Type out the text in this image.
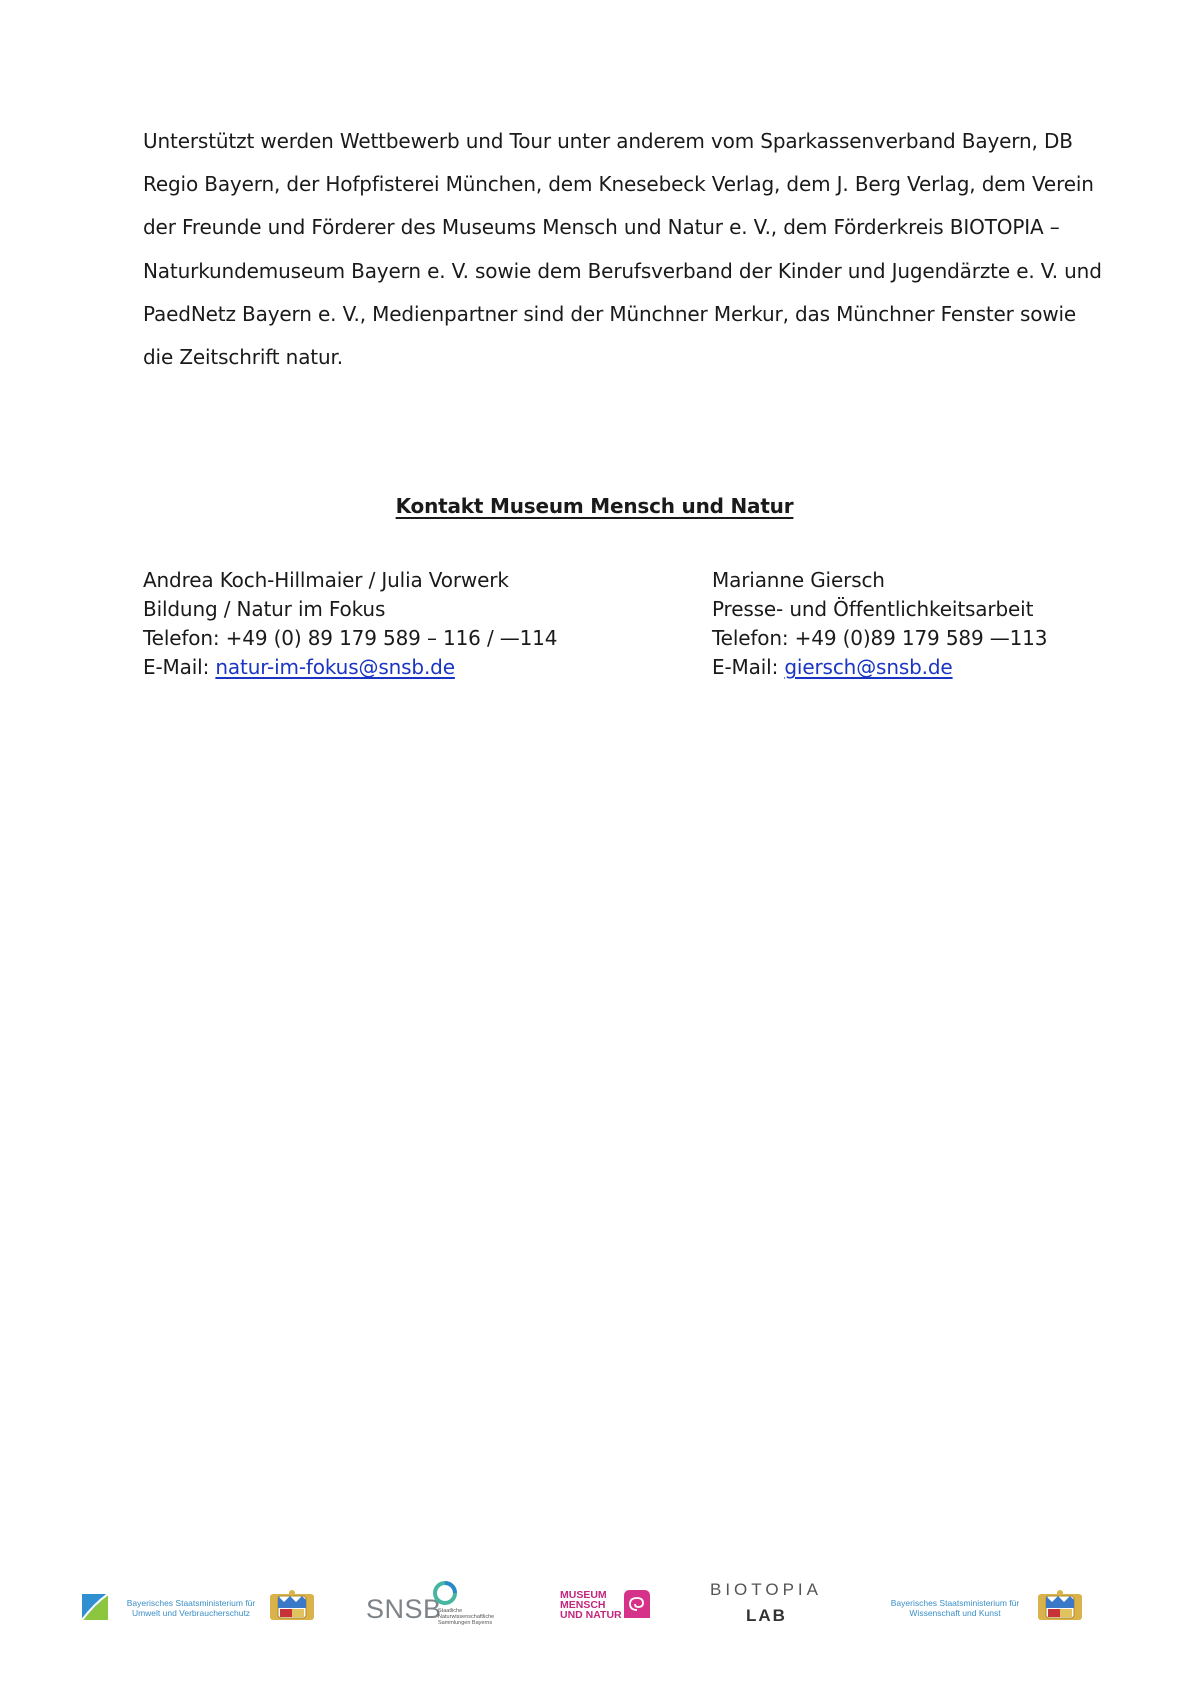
Unterstützt werden Wettbewerb und Tour unter anderem vom Sparkassenverband Bayern, DB
Regio Bayern, der Hofpfisterei München, dem Knesebeck Verlag, dem J. Berg Verlag, dem Verein
der Freunde und Förderer des Museums Mensch und Natur e. V., dem Förderkreis BIOTOPIA –
Naturkundemuseum Bayern e. V. sowie dem Berufsverband der Kinder und Jugendärzte e. V. und
PaedNetz Bayern e. V., Medienpartner sind der Münchner Merkur, das Münchner Fenster sowie
die Zeitschrift natur.
Kontakt Museum Mensch und Natur
Andrea Koch-Hillmaier / Julia Vorwerk
Bildung / Natur im Fokus
Telefon: +49 (0) 89 179 589 – 116 / —114
E-Mail: natur-im-fokus@snsb.de
Marianne Giersch
Presse- und Öffentlichkeitsarbeit
Telefon: +49 (0)89 179 589 —113
E-Mail: giersch@snsb.de
Bayerisches Staatsministerium für
Umwelt und Verbraucherschutz	SNSB
Staatliche
Naturwissenschaftliche
Sammlungen Bayerns
MUSEUM
MENSCH
UND NATUR
BIOTOPIA
LAB
Bayerisches Staatsministerium für
Wissenschaft und Kunst
